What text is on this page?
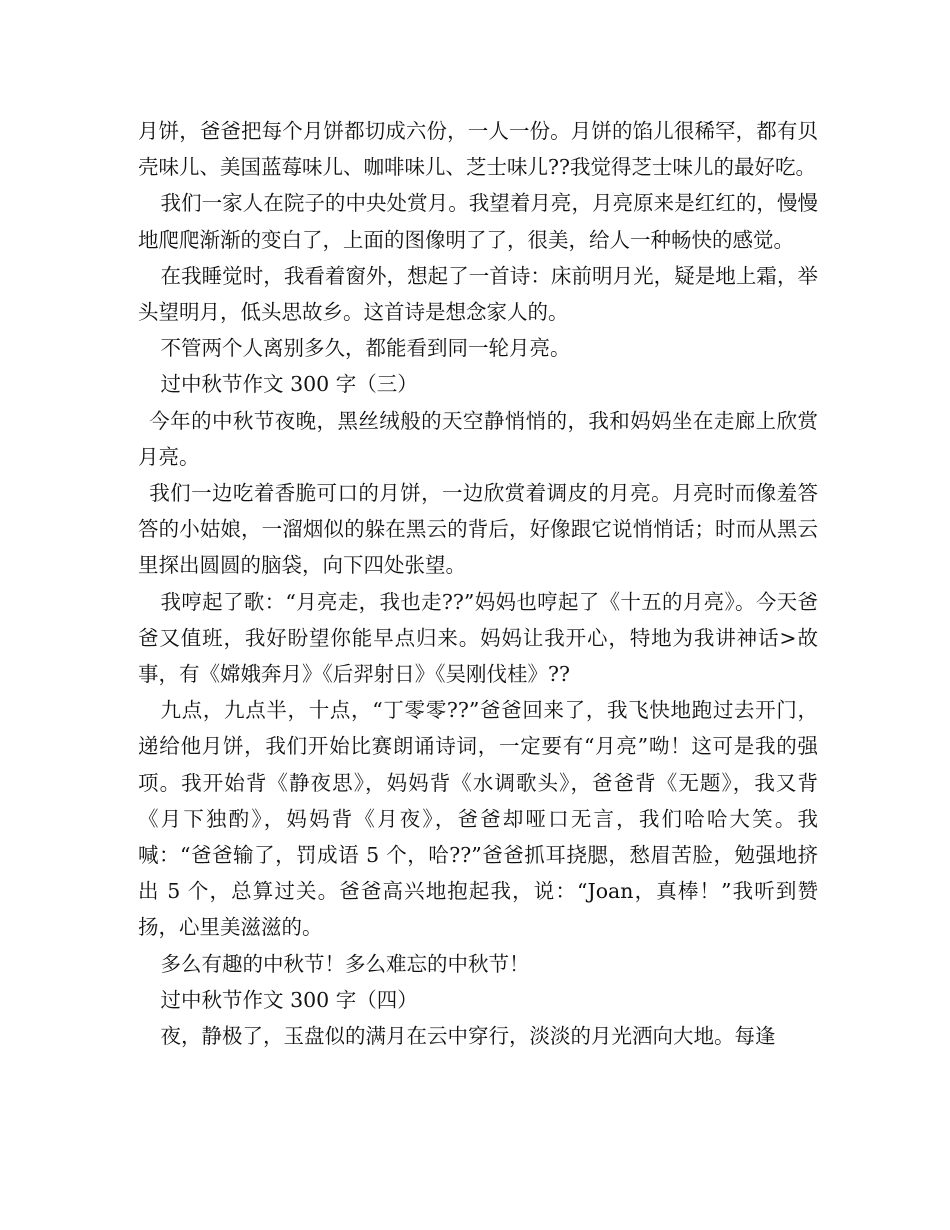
月饼，爸爸把每个月饼都切成六份，一人一份。月饼的馅儿很稀罕，都有贝壳味儿、美国蓝莓味儿、咖啡味儿、芝士味儿??我觉得芝士味儿的最好吃。

我们一家人在院子的中央处赏月。我望着月亮，月亮原来是红红的，慢慢地爬爬渐渐的变白了，上面的图像明了了，很美，给人一种畅快的感觉。

在我睡觉时，我看着窗外，想起了一首诗：床前明月光，疑是地上霜，举头望明月，低头思故乡。这首诗是想念家人的。

不管两个人离别多久，都能看到同一轮月亮。

过中秋节作文 300 字（三）

今年的中秋节夜晚，黑丝绒般的天空静悄悄的，我和妈妈坐在走廊上欣赏月亮。

我们一边吃着香脆可口的月饼，一边欣赏着调皮的月亮。月亮时而像羞答答的小姑娘，一溜烟似的躲在黑云的背后，好像跟它说悄悄话；时而从黑云里探出圆圆的脑袋，向下四处张望。

我哼起了歌：“月亮走，我也走??”妈妈也哼起了《十五的月亮》。今天爸爸又值班，我好盼望你能早点归来。妈妈让我开心，特地为我讲神话>故事，有《嫦娥奔月》《后羿射日》《吴刚伐桂》??

九点，九点半，十点，“丁零零??”爸爸回来了，我飞快地跑过去开门，递给他月饼，我们开始比赛朗诵诗词，一定要有“月亮”呦！这可是我的强项。我开始背《静夜思》，妈妈背《水调歌头》，爸爸背《无题》，我又背《月下独酌》，妈妈背《月夜》，爸爸却哑口无言，我们哈哈大笑。我喊：“爸爸输了，罚成语 5 个，哈??”爸爸抓耳挠腮，愁眉苦脸，勉强地挤出 5 个，总算过关。爸爸高兴地抱起我，说：“Joan，真棒！”我听到赞扬，心里美滋滋的。

多么有趣的中秋节！多么难忘的中秋节！

过中秋节作文 300 字（四）

夜，静极了，玉盘似的满月在云中穿行，淡淡的月光洒向大地。每逢
